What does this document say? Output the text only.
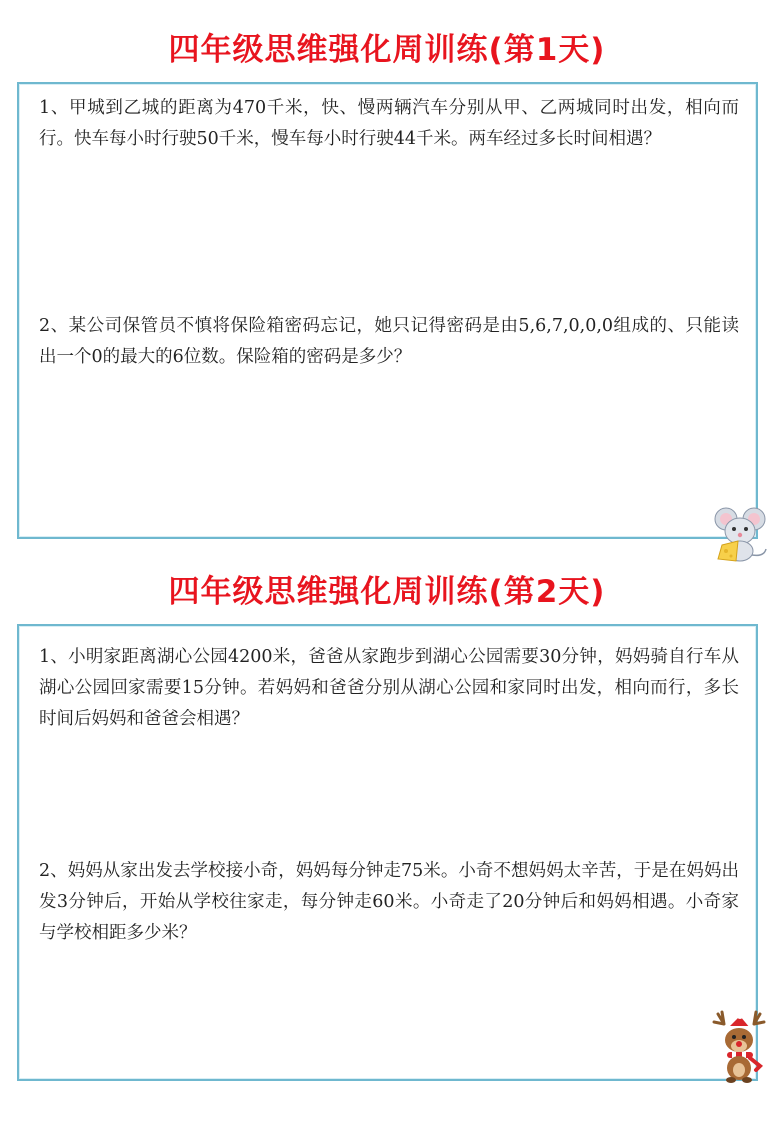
四年级思维强化周训练(第1天)
1、甲城到乙城的距离为470千米，快、慢两辆汽车分别从甲、乙两城同时出发，相向而行。快车每小时行驶50千米，慢车每小时行驶44千米。两车经过多长时间相遇？
2、某公司保管员不慎将保险箱密码忘记，她只记得密码是由5,6,7,0,0,0组成的、只能读出一个0的最大的6位数。保险箱的密码是多少？
四年级思维强化周训练(第2天)
1、小明家距离湖心公园4200米，爸爸从家跑步到湖心公园需要30分钟，妈妈骑自行车从湖心公园回家需要15分钟。若妈妈和爸爸分别从湖心公园和家同时出发，相向而行，多长时间后妈妈和爸爸会相遇？
2、妈妈从家出发去学校接小奇，妈妈每分钟走75米。小奇不想妈妈太辛苦，于是在妈妈出发3分钟后，开始从学校往家走，每分钟走60米。小奇走了20分钟后和妈妈相遇。小奇家与学校相距多少米？
